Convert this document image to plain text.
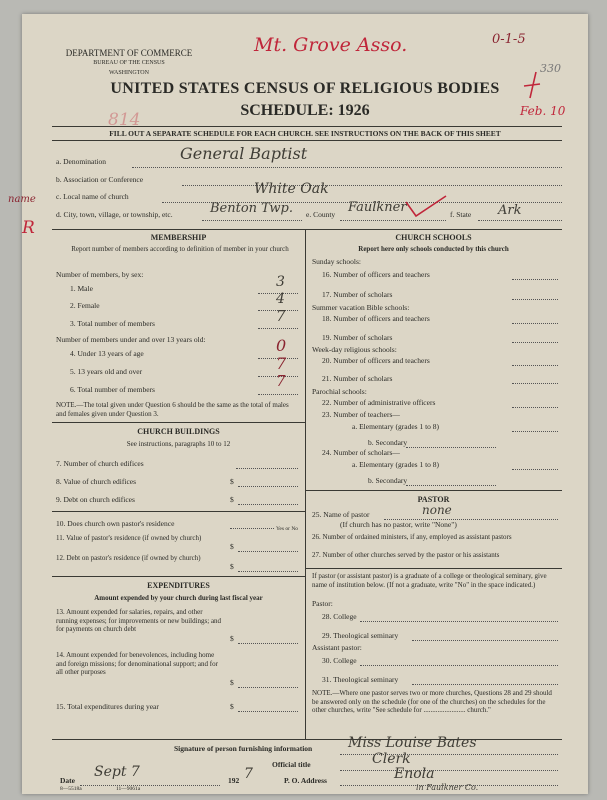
DEPARTMENT OF COMMERCE
BUREAU OF THE CENSUS
WASHINGTON
Mt. Grove Asso.	0-1-5
330
Feb. 10
814
name
R
UNITED STATES CENSUS OF RELIGIOUS BODIES
SCHEDULE: 1926
FILL OUT A SEPARATE SCHEDULE FOR EACH CHURCH. SEE INSTRUCTIONS ON THE BACK OF THIS SHEET
a. Denomination	General Baptist
b. Association or Conference
c. Local name of church	White Oak
d. City, town, village, or township, etc.	Benton Twp. e. County Faulkner	f. State Ark
MEMBERSHIP
Report number of members according to definition of member in your church
Number of members, by sex:
1. Male	3
2. Female	4
3. Total number of members	7
Number of members under and over 13 years old:
4. Under 13 years of age	0
5. 13 years old and over	7
6. Total number of members	7
NOTE.—The total given under Question 6 should be the same as the total of males and females given under Question 3.
CHURCH BUILDINGS
See instructions, paragraphs 10 to 12
7. Number of church edifices
8. Value of church edifices	$
9. Debt on church edifices	$
10. Does church own pastor's residence
Yes or No
11. Value of pastor's residence (if owned by church)
$
12. Debt on pastor's residence (if owned by church)
$
EXPENDITURES
Amount expended by your church during last fiscal year
13. Amount expended for salaries, repairs, and other running expenses; for improvements or new buildings; and for payments on church debt
$
14. Amount expended for benevolences, including home and foreign missions; for denominational support; and for all other purposes
$
15. Total expenditures during year	$
CHURCH SCHOOLS
Report here only schools conducted by this church
Sunday schools:
16. Number of officers and teachers
17. Number of scholars
Summer vacation Bible schools:
18. Number of officers and teachers
19. Number of scholars
Week-day religious schools:
20. Number of officers and teachers
21. Number of scholars
Parochial schools:
22. Number of administrative officers
23. Number of teachers—
a. Elementary (grades 1 to 8)
b. Secondary
24. Number of scholars—
a. Elementary (grades 1 to 8)
b. Secondary
PASTOR
25. Name of pastor	none
(If church has no pastor, write "None")
26. Number of ordained ministers, if any, employed as assistant pastors
27. Number of other churches served by the pastor or his assistants
If pastor (or assistant pastor) is a graduate of a college or theological seminary, give name of institution below. (If not a graduate, write "No" in the space indicated.)
Pastor:
28. College
29. Theological seminary
Assistant pastor:
30. College
31. Theological seminary
NOTE.—Where one pastor serves two or more churches, Questions 28 and 29 should be answered only on the schedule (for one of the churches) on the schedules for the other churches, write "See schedule for ........................ church."
Signature of person furnishing information	Miss Louise Bates
Official title	Clerk
Date
Sept 7
192 7	P. O. Address	Enola
in Faulkner Co.
8—5518a	11—9061a
